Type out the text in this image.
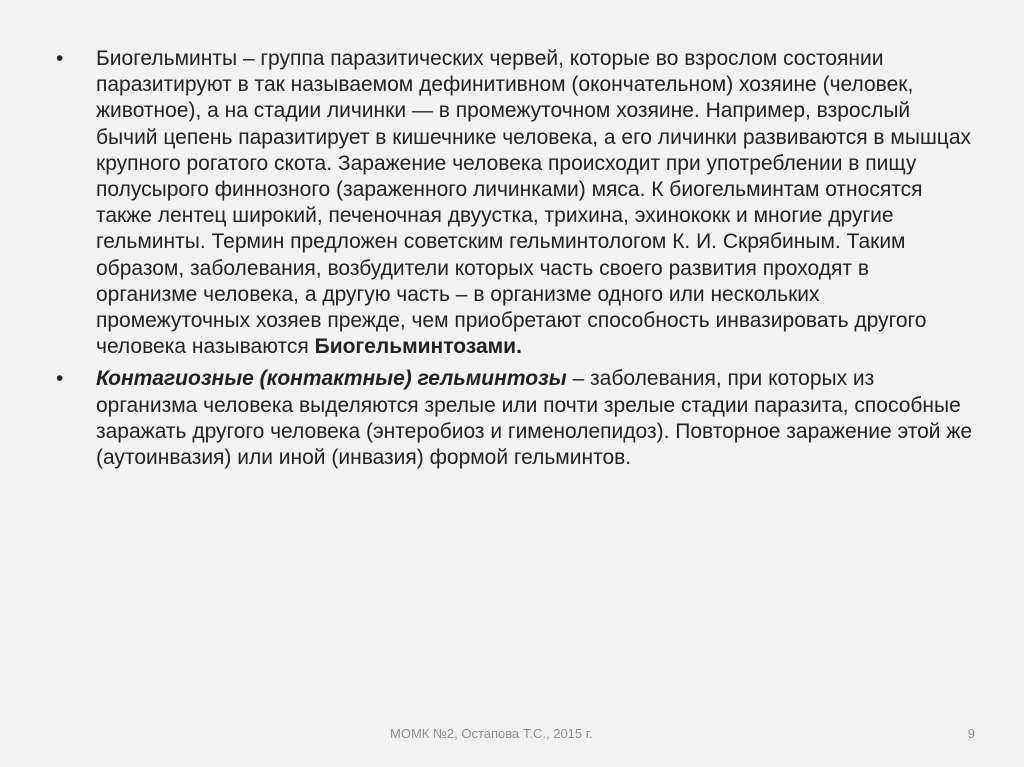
•	Биогельминты – группа паразитических червей, которые во взрослом состоянии паразитируют в так называемом дефинитивном (окончательном) хозяине (человек, животное), а на стадии личинки — в промежуточном хозяине. Например, взрослый бычий цепень паразитирует в кишечнике человека, а его личинки развиваются в мышцах крупного рогатого скота. Заражение человека происходит при употреблении в пищу полусырого финнозного (зараженного личинками) мяса. К биогельминтам относятся также лентец широкий, печеночная двуустка, трихина, эхинококк и многие другие гельминты. Термин предложен советским гельминтологом К. И. Скрябиным. Таким образом, заболевания, возбудители которых часть своего развития проходят в организме человека, а другую часть – в организме одного или нескольких промежуточных хозяев прежде, чем приобретают способность инвазировать другого человека называются Биогельминтозами.
•	Контагиозные (контактные) гельминтозы – заболевания, при которых из организма человека выделяются зрелые или почти зрелые стадии паразита, способные заражать другого человека (энтеробиоз и гименолепидоз). Повторное заражение этой же (аутоинвазия) или иной (инвазия) формой гельминтов.
МОМК №2, Остапова Т.С., 2015 г.	9
